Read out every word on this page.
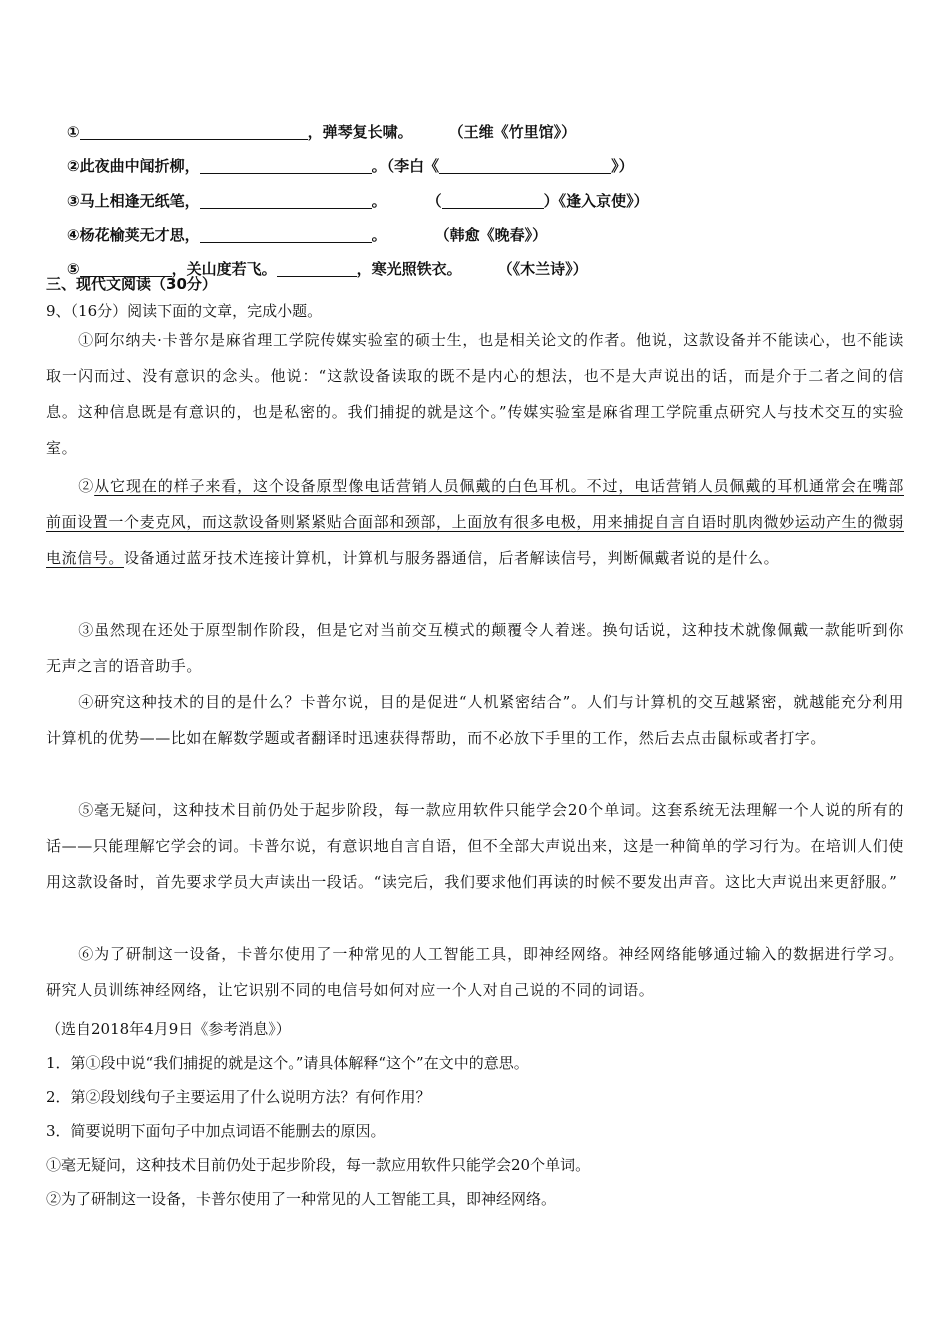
①	，弹琴复长啸。 （王维《竹里馆》）

②此夜曲中闻折柳，	。（李白《	》）

③马上相逢无纸笔，	。	（	）《逢入京使》）

④杨花榆荚无才思，	。	（韩愈《晚春》）

⑤	，关山度若飞。	，寒光照铁衣。 （《木兰诗》）

三、现代文阅读（30分）
9、（16分）阅读下面的文章，完成小题。
①阿尔纳夫·卡普尔是麻省理工学院传媒实验室的硕士生，也是相关论文的作者。他说，这款设备并不能读心，也不能读取一闪而过、没有意识的念头。他说：“这款设备读取的既不是内心的想法，也不是大声说出的话，而是介于二者之间的信息。这种信息既是有意识的，也是私密的。我们捕捉的就是这个。”传媒实验室是麻省理工学院重点研究人与技术交互的实验室。
②从它现在的样子来看，这个设备原型像电话营销人员佩戴的白色耳机。不过，电话营销人员佩戴的耳机通常会在嘴部前面设置一个麦克风，而这款设备则紧紧贴合面部和颈部，上面放有很多电极，用来捕捉自言自语时肌肉微妙运动产生的微弱电流信号。设备通过蓝牙技术连接计算机，计算机与服务器通信，后者解读信号，判断佩戴者说的是什么。
③虽然现在还处于原型制作阶段，但是它对当前交互模式的颠覆令人着迷。换句话说，这种技术就像佩戴一款能听到你无声之言的语音助手。
④研究这种技术的目的是什么？卡普尔说，目的是促进“人机紧密结合”。人们与计算机的交互越紧密，就越能充分利用计算机的优势——比如在解数学题或者翻译时迅速获得帮助，而不必放下手里的工作，然后去点击鼠标或者打字。
⑤毫无疑问，这种技术目前仍处于起步阶段，每一款应用软件只能学会20个单词。这套系统无法理解一个人说的所有的话——只能理解它学会的词。卡普尔说，有意识地自言自语，但不全部大声说出来，这是一种简单的学习行为。在培训人们使用这款设备时，首先要求学员大声读出一段话。“读完后，我们要求他们再读的时候不要发出声音。这比大声说出来更舒服。”
⑥为了研制这一设备，卡普尔使用了一种常见的人工智能工具，即神经网络。神经网络能够通过输入的数据进行学习。研究人员训练神经网络，让它识别不同的电信号如何对应一个人对自己说的不同的词语。
（选自2018年4月9日《参考消息》）
1．第①段中说“我们捕捉的就是这个。”请具体解释“这个”在文中的意思。
2．第②段划线句子主要运用了什么说明方法？有何作用？
3．简要说明下面句子中加点词语不能删去的原因。
①毫无疑问，这种技术目前仍处于起步阶段，每一款应用软件只能学会20个单词。
②为了研制这一设备，卡普尔使用了一种常见的人工智能工具，即神经网络。
